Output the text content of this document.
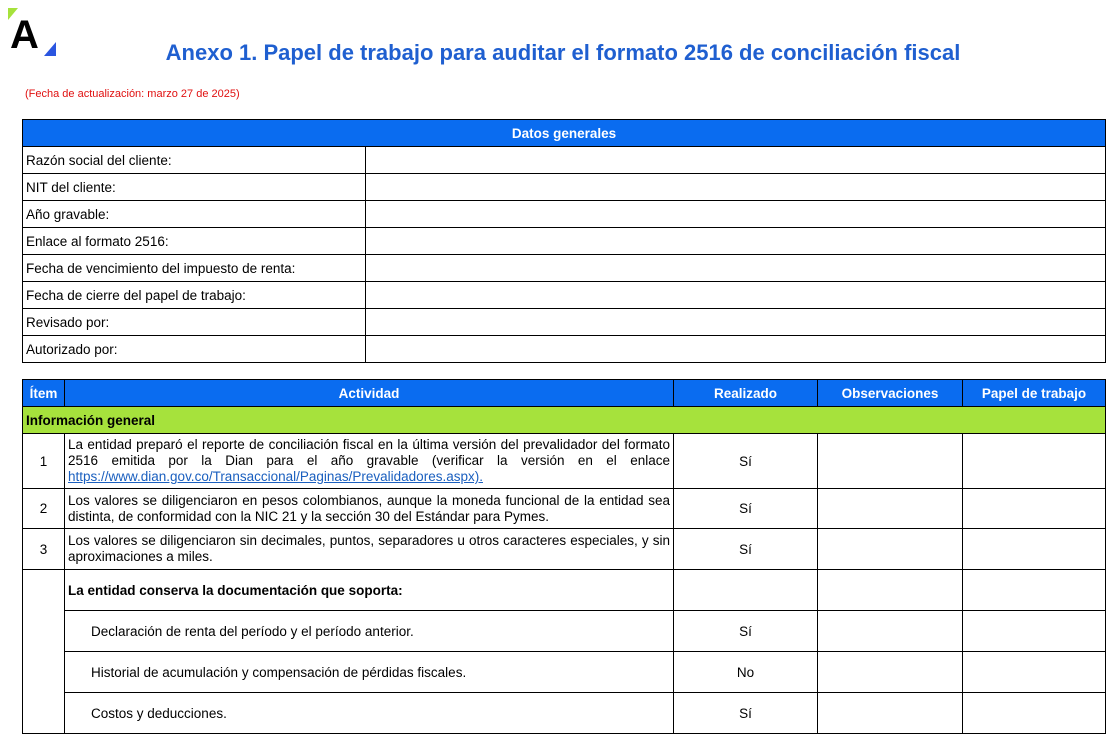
A	Anexo 1. Papel de trabajo para auditar el formato 2516 de conciliación fiscal
(Fecha de actualización: marzo 27 de 2025)
Datos generales	
Razón social del cliente:	
NIT del cliente:	
Año gravable:	
Enlace al formato 2516:	
Fecha de vencimiento del impuesto de renta:	
Fecha de cierre del papel de trabajo:	
Revisado por:	
Autorizado por:	
Ítem	Actividad	Realizado	Observaciones	Papel de trabajo
Información general				
1	La entidad preparó el reporte de conciliación fiscal en la última versión del prevalidador del formato 2516 emitida por la Dian para el año gravable (verificar la versión en el enlace https://www.dian.gov.co/Transaccional/Paginas/Prevalidadores.aspx).	Sí		
2	Los valores se diligenciaron en pesos colombianos, aunque la moneda funcional de la entidad sea distinta, de conformidad con la NIC 21 y la sección 30 del Estándar para Pymes.	Sí		
3	Los valores se diligenciaron sin decimales, puntos, separadores u otros caracteres especiales, y sin aproximaciones a miles.	Sí		
	La entidad conserva la documentación que soporta:			
	Declaración de renta del período y el período anterior.	Sí		
	Historial de acumulación y compensación de pérdidas fiscales.	No		
	Costos y deducciones.	Sí		
